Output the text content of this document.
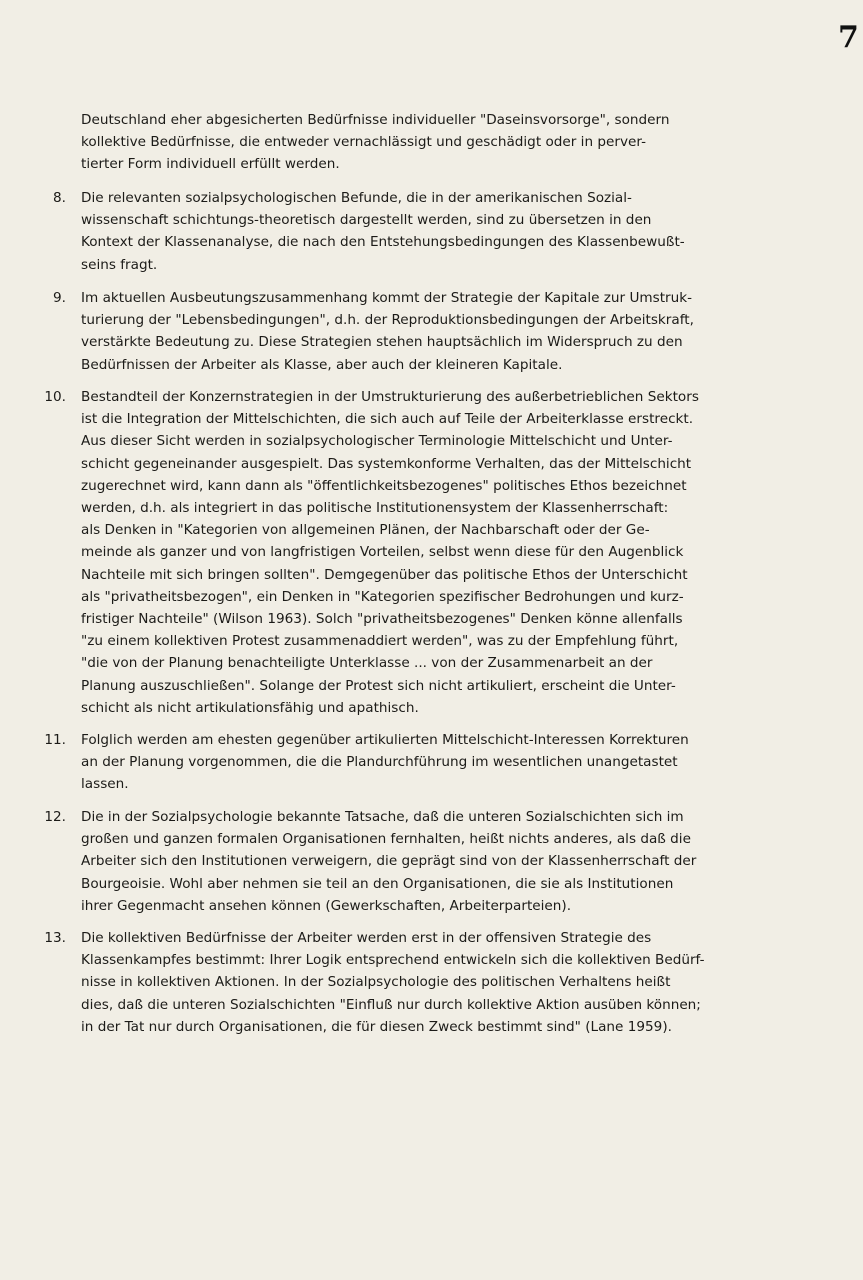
7
Deutschland eher abgesicherten Bedürfnisse individueller "Daseinsvorsorge", sondern
kollektive Bedürfnisse, die entweder vernachlässigt und geschädigt oder in perver-
tierter Form individuell erfüllt werden.
8. Die relevanten sozialpsychologischen Befunde, die in der amerikanischen Sozial-
wissenschaft schichtungs-theoretisch dargestellt werden, sind zu übersetzen in den
Kontext der Klassenanalyse, die nach den Entstehungsbedingungen des Klassenbewußt-
seins fragt.
9. Im aktuellen Ausbeutungszusammenhang kommt der Strategie der Kapitale zur Umstruk-
turierung der "Lebensbedingungen", d.h. der Reproduktionsbedingungen der Arbeitskraft,
verstärkte Bedeutung zu. Diese Strategien stehen hauptsächlich im Widerspruch zu den
Bedürfnissen der Arbeiter als Klasse, aber auch der kleineren Kapitale.
10. Bestandteil der Konzernstrategien in der Umstrukturierung des außerbetrieblichen Sektors
ist die Integration der Mittelschichten, die sich auch auf Teile der Arbeiterklasse erstreckt.
Aus dieser Sicht werden in sozialpsychologischer Terminologie Mittelschicht und Unter-
schicht gegeneinander ausgespielt. Das systemkonforme Verhalten, das der Mittelschicht
zugerechnet wird, kann dann als "öffentlichkeitsbezogenes" politisches Ethos bezeichnet
werden, d.h. als integriert in das politische Institutionensystem der Klassenherrschaft:
als Denken in "Kategorien von allgemeinen Plänen, der Nachbarschaft oder der Ge-
meinde als ganzer und von langfristigen Vorteilen, selbst wenn diese für den Augenblick
Nachteile mit sich bringen sollten". Demgegenüber das politische Ethos der Unterschicht
als "privatheitsbezogen", ein Denken in "Kategorien spezifischer Bedrohungen und kurz-
fristiger Nachteile" (Wilson 1963). Solch "privatheitsbezogenes" Denken könne allenfalls
"zu einem kollektiven Protest zusammenaddiert werden", was zu der Empfehlung führt,
"die von der Planung benachteiligte Unterklasse ... von der Zusammenarbeit an der
Planung auszuschließen". Solange der Protest sich nicht artikuliert, erscheint die Unter-
schicht als nicht artikulationsfähig und apathisch.
11. Folglich werden am ehesten gegenüber artikulierten Mittelschicht-Interessen Korrekturen
an der Planung vorgenommen, die die Plandurchführung im wesentlichen unangetastet
lassen.
12. Die in der Sozialpsychologie bekannte Tatsache, daß die unteren Sozialschichten sich im
großen und ganzen formalen Organisationen fernhalten, heißt nichts anderes, als daß die
Arbeiter sich den Institutionen verweigern, die geprägt sind von der Klassenherrschaft der
Bourgeoisie. Wohl aber nehmen sie teil an den Organisationen, die sie als Institutionen
ihrer Gegenmacht ansehen können (Gewerkschaften, Arbeiterparteien).
13. Die kollektiven Bedürfnisse der Arbeiter werden erst in der offensiven Strategie des
Klassenkampfes bestimmt: Ihrer Logik entsprechend entwickeln sich die kollektiven Bedürf-
nisse in kollektiven Aktionen. In der Sozialpsychologie des politischen Verhaltens heißt
dies, daß die unteren Sozialschichten "Einfluß nur durch kollektive Aktion ausüben können;
in der Tat nur durch Organisationen, die für diesen Zweck bestimmt sind" (Lane 1959).
